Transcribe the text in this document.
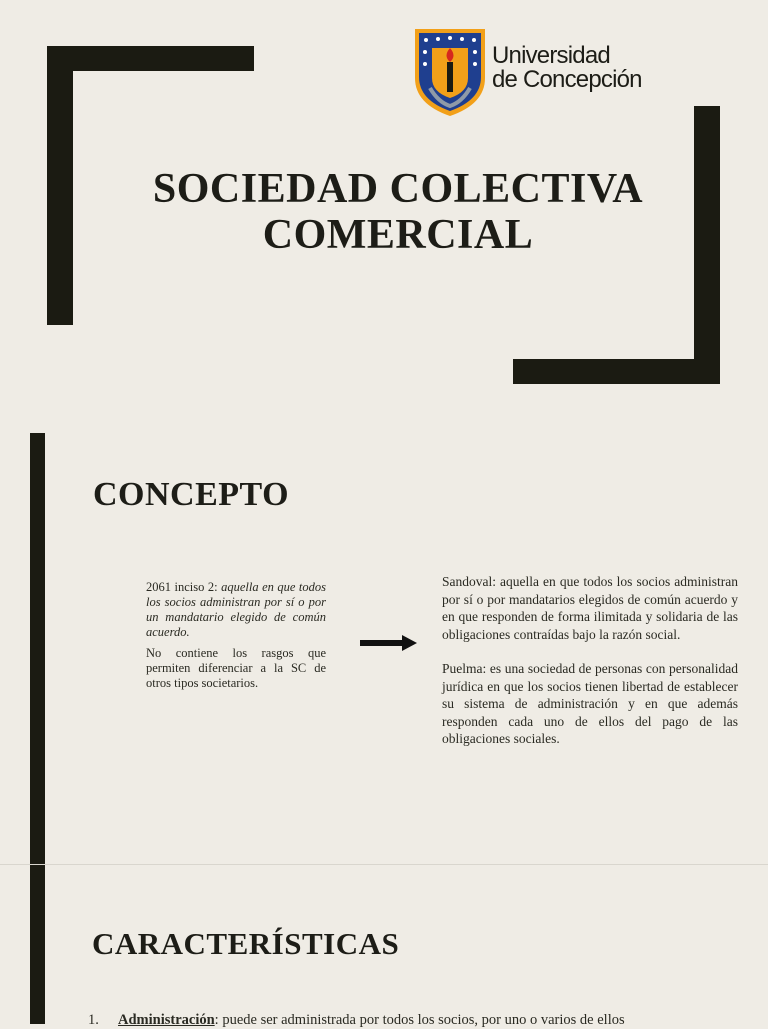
Universidad
de Concepción
SOCIEDAD COLECTIVA
COMERCIAL
CONCEPTO

2061 inciso 2: aquella en que todos los socios administran por sí o por un mandatario elegido de común acuerdo.

No contiene los rasgos que permiten diferenciar a la SC de otros tipos societarios.

Sandoval: aquella en que todos los socios administran por sí o por mandatarios elegidos de común acuerdo y en que responden de forma ilimitada y solidaria de las obligaciones contraídas bajo la razón social.

Puelma: es una sociedad de personas con personalidad jurídica en que los socios tienen libertad de establecer su sistema de administración y en que además responden cada uno de ellos del pago de las obligaciones sociales.

CARACTERÍSTICAS
1. Administración: puede ser administrada por todos los socios, por uno o varios de ellos
